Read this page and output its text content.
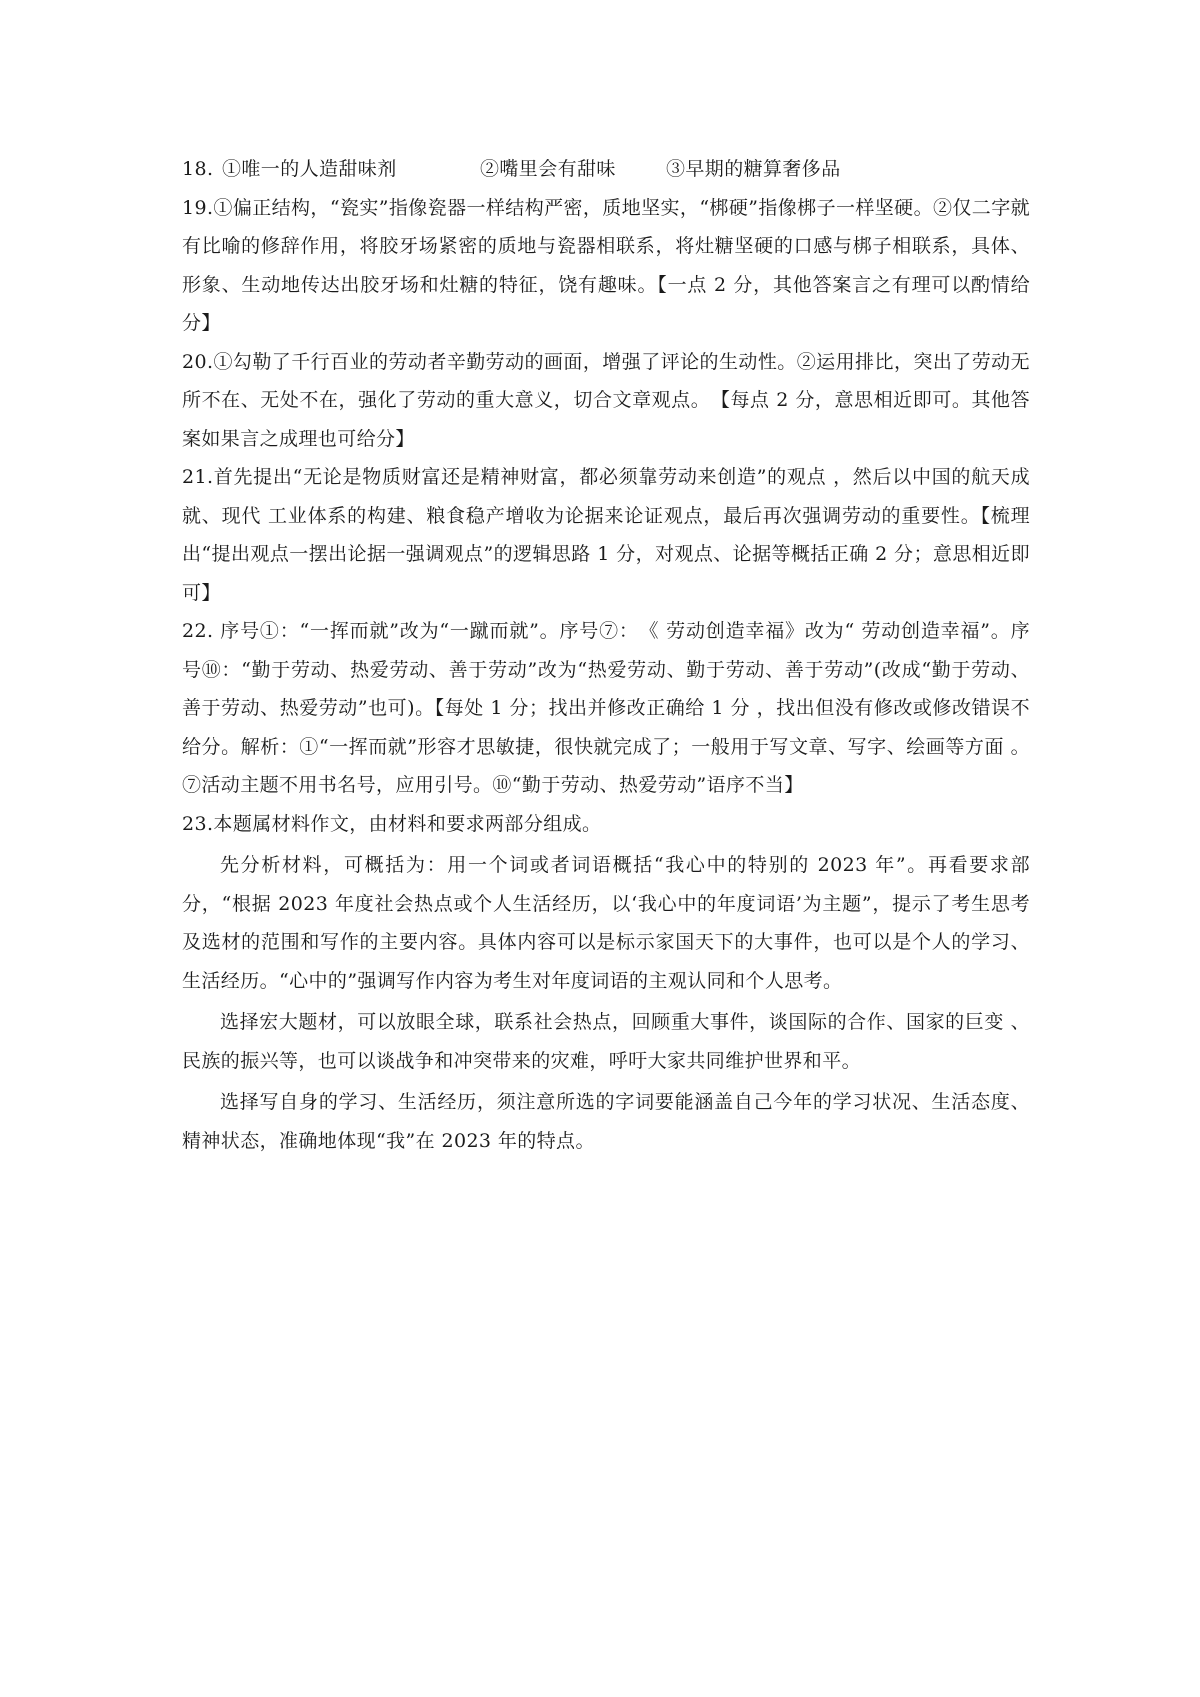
18. ①唯一的人造甜味剂	②嘴里会有甜味	③早期的糖算奢侈品

19.①偏正结构，“瓷实”指像瓷器一样结构严密，质地坚实，“梆硬”指像梆子一样坚硬。②仅二字就有比喻的修辞作用，将胶牙场紧密的质地与瓷器相联系，将灶糖坚硬的口感与梆子相联系，具体、形象、生动地传达出胶牙场和灶糖的特征，饶有趣味。【一点 2 分，其他答案言之有理可以酌情给分】

20.①勾勒了千行百业的劳动者辛勤劳动的画面，增强了评论的生动性。②运用排比，突出了劳动无所不在、无处不在，强化了劳动的重大意义，切合文章观点。　【每点 2 分，意思相近即可。其他答案如果言之成理也可给分】

21.首先提出“无论是物质财富还是精神财富，都必须靠劳动来创造”的观点 ，然后以中国的航天成就、现代 工业体系的构建、粮食稳产增收为论据来论证观点，最后再次强调劳动的重要性。【梳理出“提出观点一摆出论据一强调观点”的逻辑思路 1 分，对观点、论据等概括正确 2 分；意思相近即可】

22. 序号①：“一挥而就”改为“一蹴而就”。序号⑦：　《 劳动创造幸福》改为“ 劳动创造幸福”。序号⑩：“勤于劳动、热爱劳动、善于劳动”改为“热爱劳动、勤于劳动、善于劳动”(改成“勤于劳动、善于劳动、热爱劳动”也可)。【每处 1 分；找出并修改正确给 1 分 ，找出但没有修改或修改错误不给分。解析：①“一挥而就”形容才思敏捷，很快就完成了；一般用于写文章、写字、绘画等方面 。⑦活动主题不用书名号，应用引号。⑩“勤于劳动、热爱劳动”语序不当】

23.本题属材料作文，由材料和要求两部分组成。

先分析材料，可概括为：用一个词或者词语概括“我心中的特别的 2023 年”。再看要求部分，“根据 2023 年度社会热点或个人生活经历，以‘我心中的年度词语’为主题”，提示了考生思考及选材的范围和写作的主要内容。具体内容可以是标示家国天下的大事件，也可以是个人的学习、生活经历。“心中的”强调写作内容为考生对年度词语的主观认同和个人思考。

选择宏大题材，可以放眼全球，联系社会热点，回顾重大事件，谈国际的合作、国家的巨变 、民族的振兴等，也可以谈战争和冲突带来的灾难，呼吁大家共同维护世界和平。

选择写自身的学习、生活经历，须注意所选的字词要能涵盖自己今年的学习状况、生活态度、精神状态，准确地体现“我”在 2023 年的特点。
